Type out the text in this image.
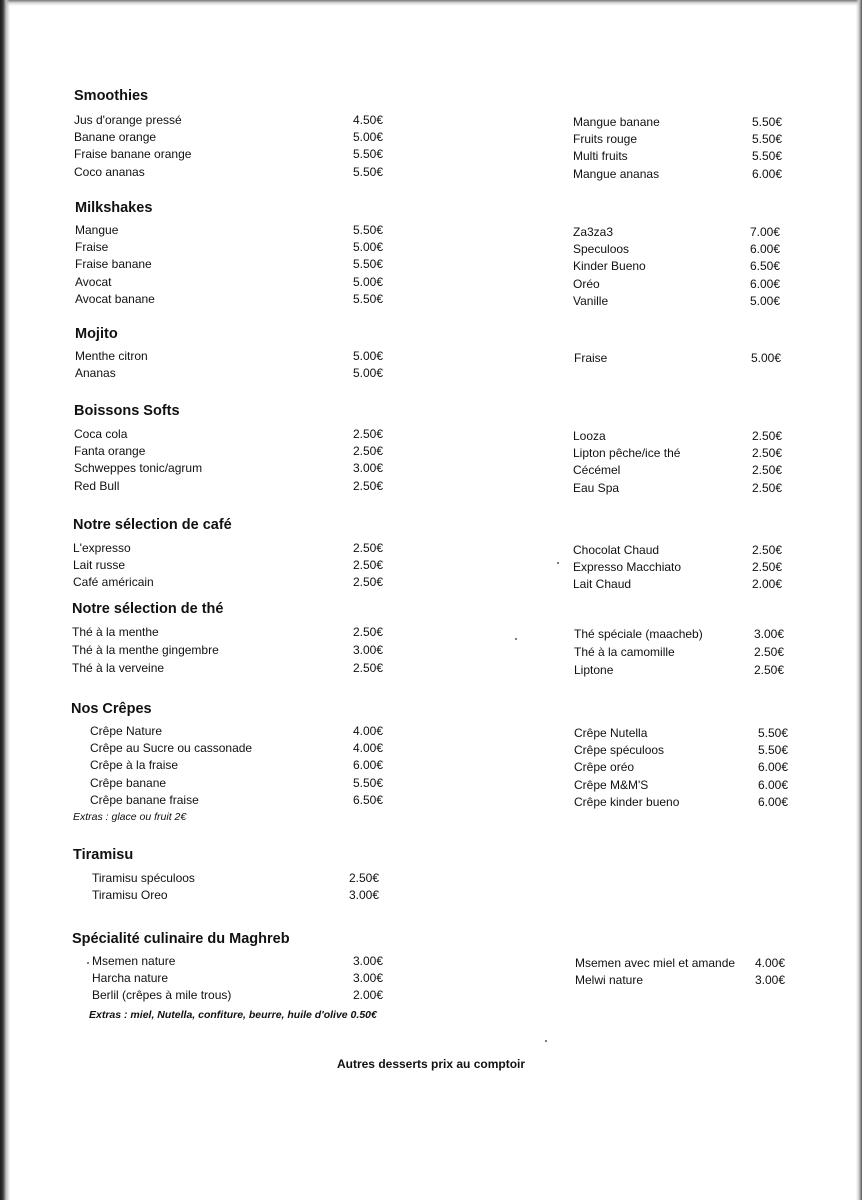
Smoothies
Jus d'orange pressé	4.50€
Banane orange	5.00€
Fraise banane orange	5.50€
Coco ananas	5.50€
Mangue banane	5.50€
Fruits rouge	5.50€
Multi fruits	5.50€
Mangue ananas	6.00€
Milkshakes
Mangue	5.50€
Fraise	5.00€
Fraise banane	5.50€
Avocat	5.00€
Avocat banane	5.50€
Za3za3	7.00€
Speculoos	6.00€
Kinder Bueno	6.50€
Oréo	6.00€
Vanille	5.00€
Mojito
Menthe citron	5.00€
Ananas	5.00€
Fraise	5.00€
Boissons Softs
Coca cola	2.50€
Fanta orange	2.50€
Schweppes tonic/agrum	3.00€
Red Bull	2.50€
Looza	2.50€
Lipton pêche/ice thé	2.50€
Cécémel	2.50€
Eau Spa	2.50€
Notre sélection de café
L'expresso	2.50€
Lait russe	2.50€
Café américain	2.50€
Chocolat Chaud	2.50€
Expresso Macchiato	2.50€
Lait Chaud	2.00€
Notre sélection de thé
Thé à la menthe	2.50€
Thé à la menthe gingembre	3.00€
Thé à la verveine	2.50€
Thé spéciale (maacheb)	3.00€
Thé à la camomille	2.50€
Liptone	2.50€
Nos Crêpes
Crêpe Nature	4.00€
Crêpe au Sucre ou cassonade	4.00€
Crêpe à la fraise	6.00€
Crêpe banane	5.50€
Crêpe banane fraise	6.50€
Crêpe Nutella	5.50€
Crêpe spéculoos	5.50€
Crêpe oréo	6.00€
Crêpe M&M'S	6.00€
Crêpe kinder bueno	6.00€
Extras : glace ou fruit 2€
Tiramisu
Tiramisu spéculoos	2.50€
Tiramisu Oreo	3.00€
Spécialité culinaire du Maghreb
Msemen nature	3.00€
Harcha nature	3.00€
Berlil (crêpes à mile trous)	2.00€
Msemen avec miel et amande 4.00€
Melwi nature	3.00€
Extras : miel, Nutella, confiture, beurre, huile d'olive 0.50€
Autres desserts prix au comptoir
